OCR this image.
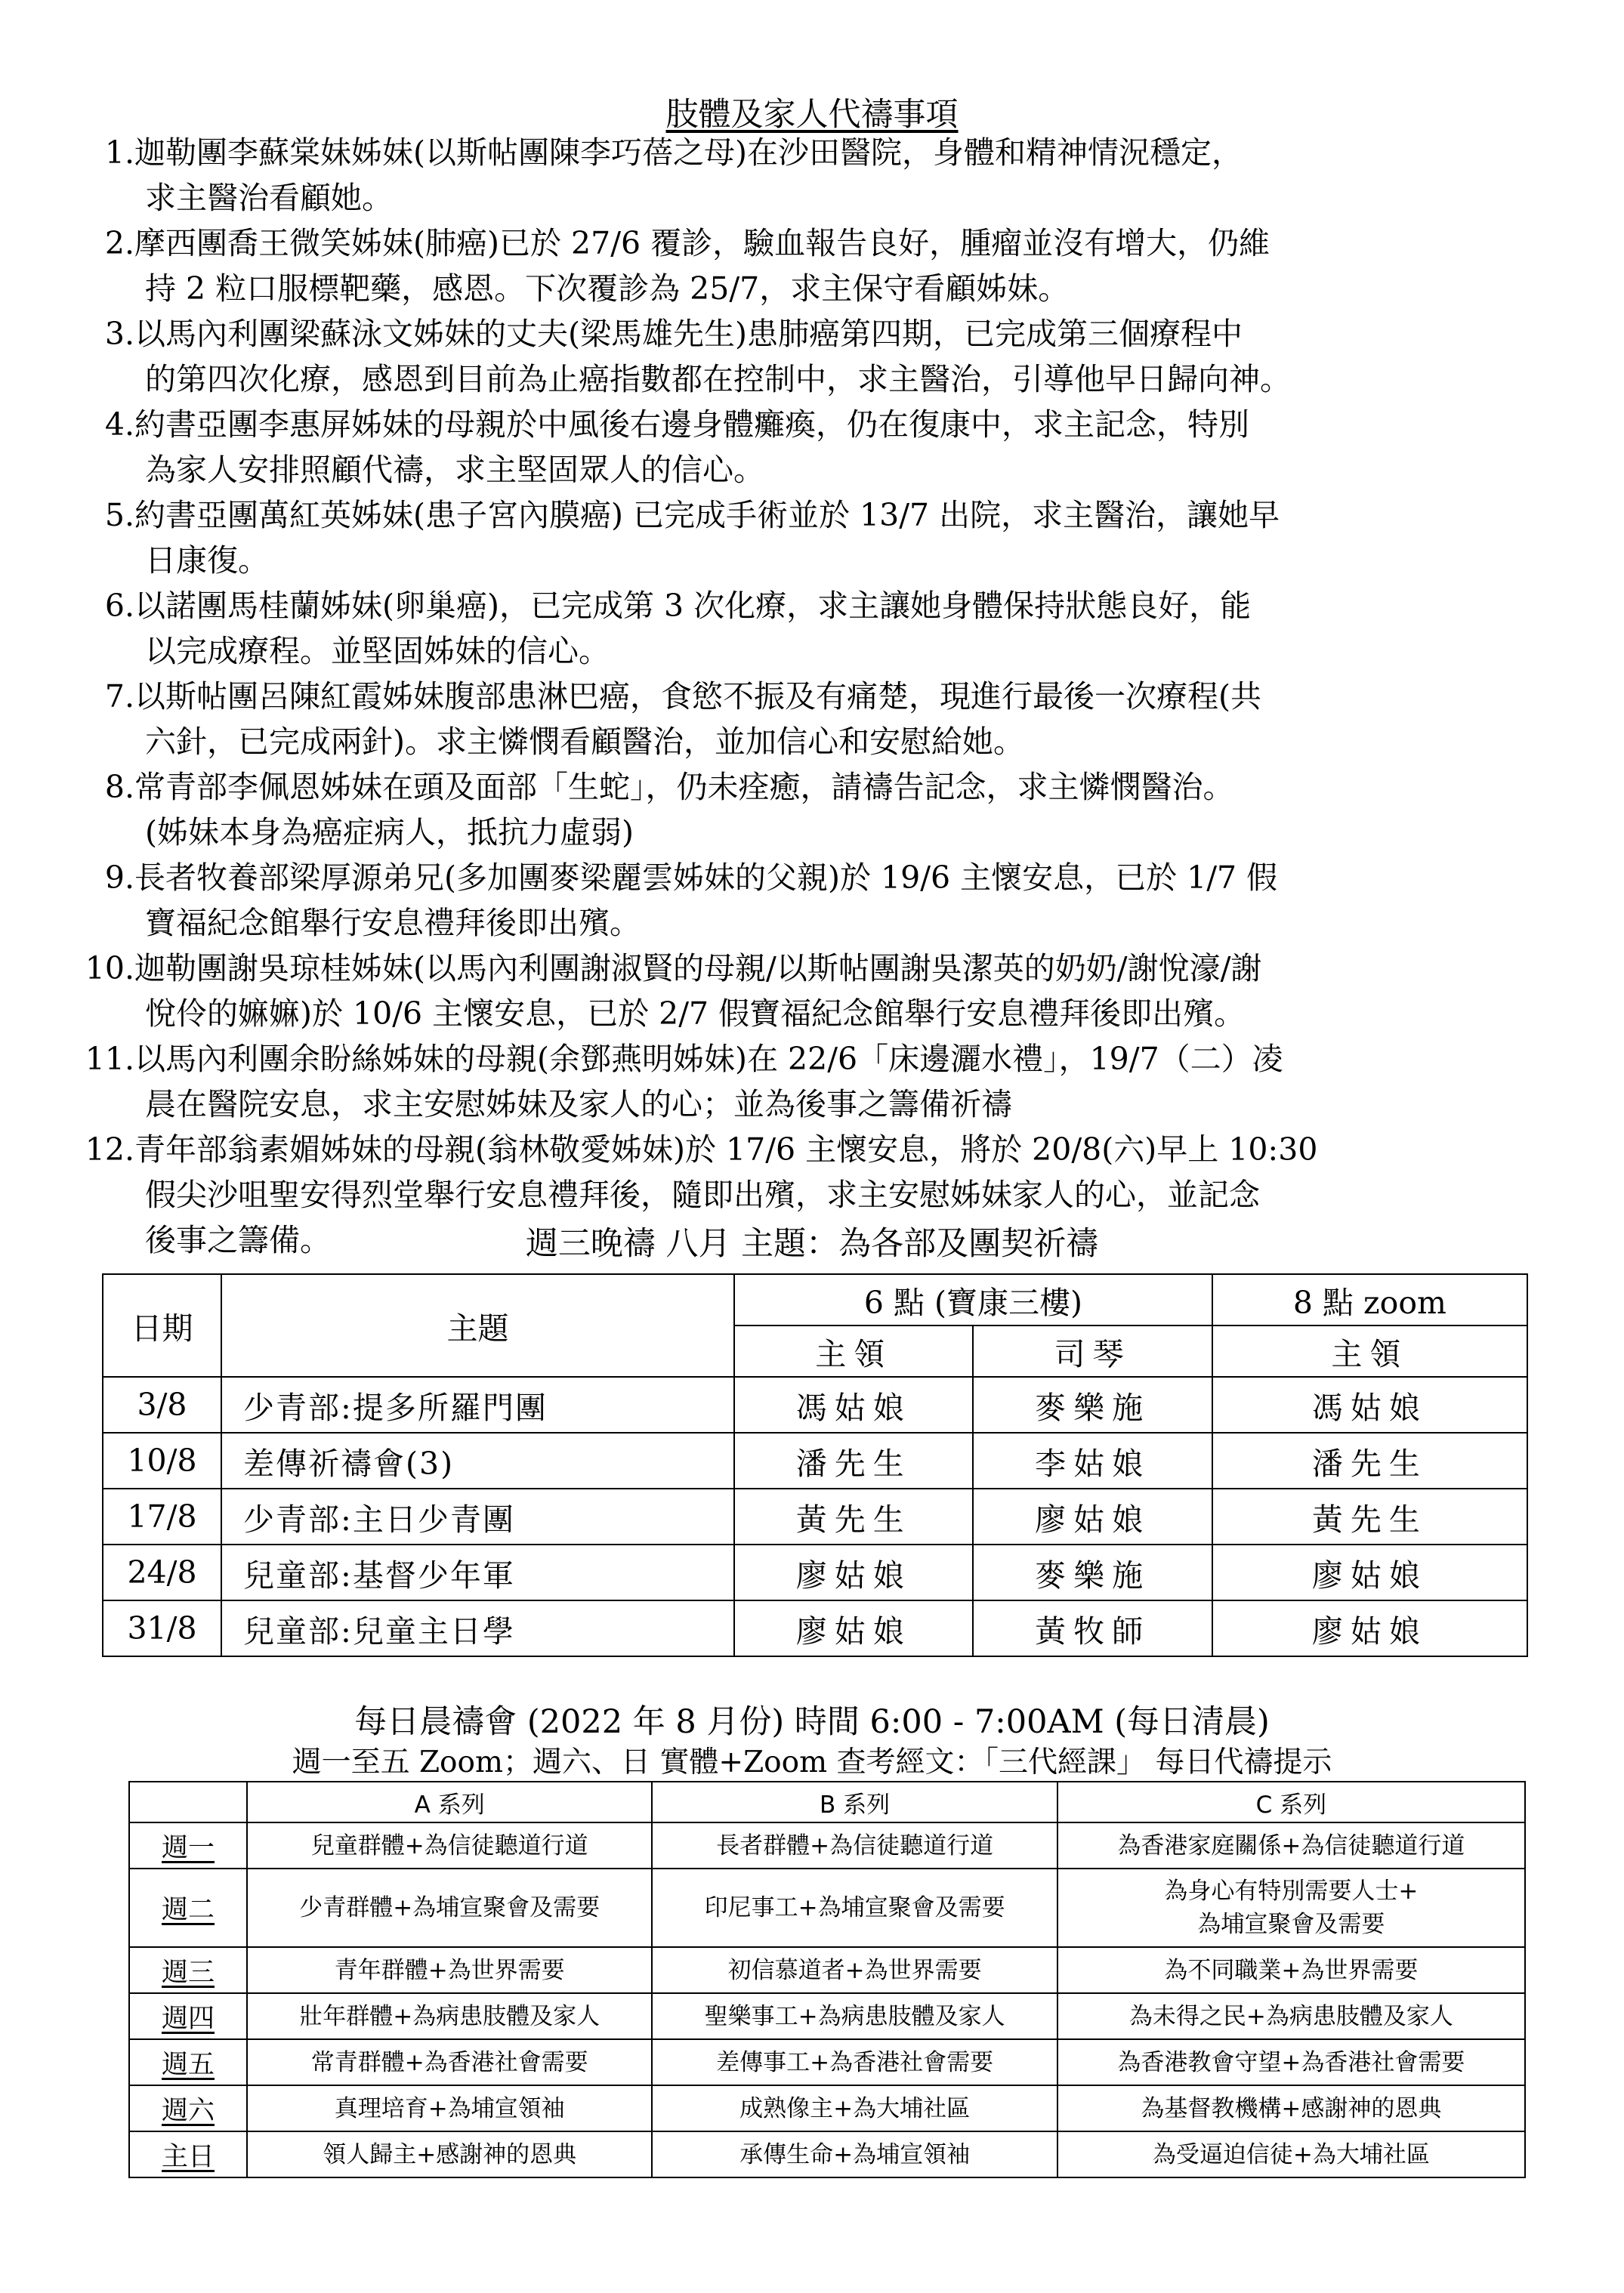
肢體及家人代禱事項
1. 迦勒團李蘇棠妹姊妹(以斯帖團陳李巧蓓之母)在沙田醫院，身體和精神情況穩定，
求主醫治看顧她。
2. 摩西團喬王微笑姊妹(肺癌)已於 27/6 覆診，驗血報告良好，腫瘤並沒有增大，仍維
持 2 粒口服標靶藥，感恩。下次覆診為 25/7，求主保守看顧姊妹。
3. 以馬內利團梁蘇泳文姊妹的丈夫(梁馬雄先生)患肺癌第四期，已完成第三個療程中
的第四次化療，感恩到目前為止癌指數都在控制中，求主醫治，引導他早日歸向神。
4. 約書亞團李惠屏姊妹的母親於中風後右邊身體癱瘓，仍在復康中，求主記念，特別
為家人安排照顧代禱，求主堅固眾人的信心。
5. 約書亞團萬紅英姊妹(患子宮內膜癌) 已完成手術並於 13/7 出院，求主醫治，讓她早
日康復。
6. 以諾團馬桂蘭姊妹(卵巢癌)，已完成第 3 次化療，求主讓她身體保持狀態良好，能
以完成療程。並堅固姊妹的信心。
7. 以斯帖團呂陳紅霞姊妹腹部患淋巴癌，食慾不振及有痛楚，現進行最後一次療程(共
六針，已完成兩針)。求主憐憫看顧醫治，並加信心和安慰給她。
8. 常青部李佩恩姊妹在頭及面部「生蛇」，仍未痊癒，請禱告記念，求主憐憫醫治。
(姊妹本身為癌症病人，抵抗力虛弱)
9. 長者牧養部梁厚源弟兄(多加團麥梁麗雲姊妹的父親)於 19/6 主懷安息，已於 1/7 假
寶福紀念館舉行安息禮拜後即出殯。
10. 迦勒團謝吳琼桂姊妹(以馬內利團謝淑賢的母親/以斯帖團謝吳潔英的奶奶/謝悅濠/謝
悅伶的嫲嫲)於 10/6 主懷安息，已於 2/7 假寶福紀念館舉行安息禮拜後即出殯。
11. 以馬內利團余盼絲姊妹的母親(余鄧燕明姊妹)在 22/6「床邊灑水禮」，19/7（二）凌
晨在醫院安息，求主安慰姊妹及家人的心；並為後事之籌備祈禱
12. 青年部翁素媚姊妹的母親(翁林敬愛姊妹)於 17/6 主懷安息，將於 20/8(六)早上 10:30
假尖沙咀聖安得烈堂舉行安息禮拜後，隨即出殯，求主安慰姊妹家人的心，並記念
後事之籌備。	週三晚禱 八月 主題：為各部及團契祈禱
日期	主題	6 點 (寶康三樓)		8 點 zoom
		主領	司琴	主領
3/8	少青部:提多所羅門團	馮姑娘	麥樂施	馮姑娘
10/8	差傳祈禱會(3)	潘先生	李姑娘	潘先生
17/8	少青部:主日少青團	黃先生	廖姑娘	黃先生
24/8	兒童部:基督少年軍	廖姑娘	麥樂施	廖姑娘
31/8	兒童部:兒童主日學	廖姑娘	黃牧師	廖姑娘
每日晨禱會 (2022 年 8 月份) 時間 6:00 - 7:00AM (每日清晨)
週一至五 Zoom；週六、日 實體+Zoom 查考經文：「三代經課」 每日代禱提示
	A 系列	B 系列	C 系列
週一	兒童群體+為信徒聽道行道	長者群體+為信徒聽道行道	為香港家庭關係+為信徒聽道行道

週二	少青群體+為埔宣聚會及需要	印尼事工+為埔宣聚會及需要	為身心有特別需要人士+
為埔宣聚會及需要

週三	青年群體+為世界需要	初信慕道者+為世界需要	為不同職業+為世界需要

週四	壯年群體+為病患肢體及家人	聖樂事工+為病患肢體及家人	為未得之民+為病患肢體及家人

週五	常青群體+為香港社會需要	差傳事工+為香港社會需要	為香港教會守望+為香港社會需要

週六	真理培育+為埔宣領袖	成熟像主+為大埔社區	為基督教機構+感謝神的恩典

主日	領人歸主+感謝神的恩典	承傳生命+為埔宣領袖	為受逼迫信徒+為大埔社區
